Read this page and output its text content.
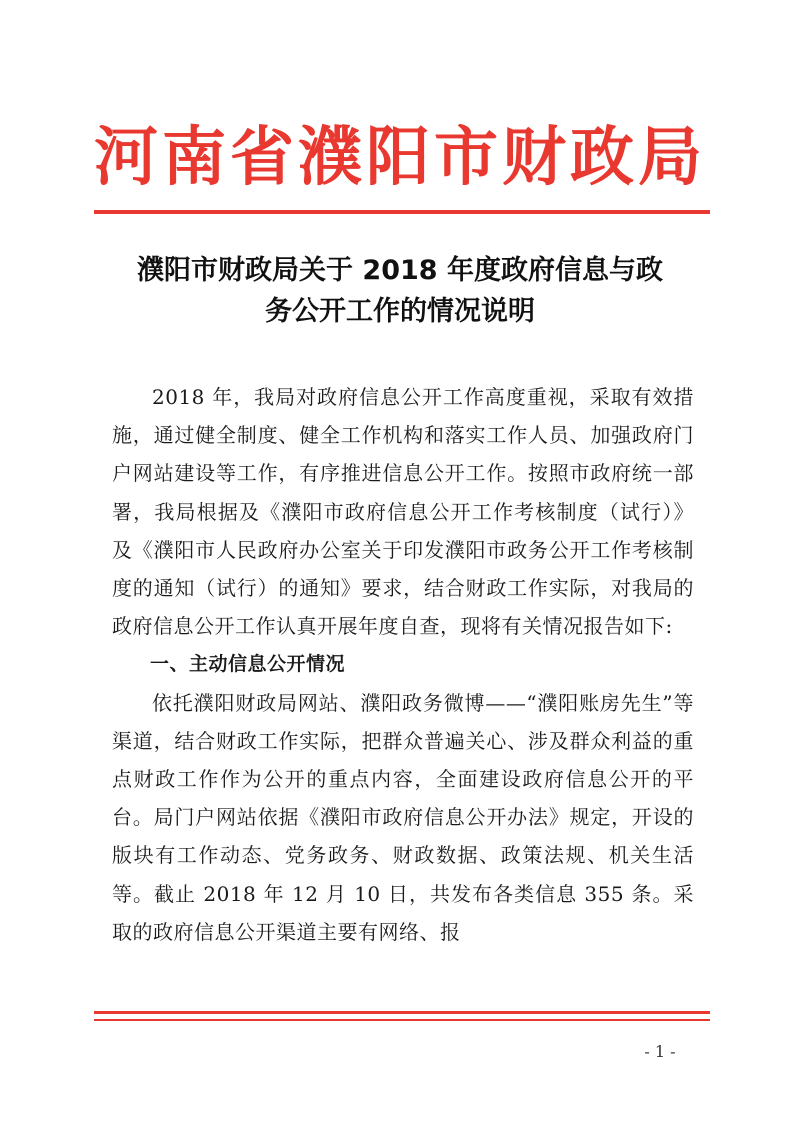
河南省濮阳市财政局
濮阳市财政局关于 2018 年度政府信息与政
务公开工作的情况说明

2018 年，我局对政府信息公开工作高度重视，采取有效措施，通过健全制度、健全工作机构和落实工作人员、加强政府门户网站建设等工作，有序推进信息公开工作。按照市政府统一部署，我局根据及《濮阳市政府信息公开工作考核制度（试行）》及《濮阳市人民政府办公室关于印发濮阳市政务公开工作考核制度的通知（试行）的通知》要求，结合财政工作实际，对我局的政府信息公开工作认真开展年度自查，现将有关情况报告如下:

一、主动信息公开情况

依托濮阳财政局网站、濮阳政务微博——“濮阳账房先生”等渠道，结合财政工作实际，把群众普遍关心、涉及群众利益的重点财政工作作为公开的重点内容，全面建设政府信息公开的平台。局门户网站依据《濮阳市政府信息公开办法》规定，开设的版块有工作动态、党务政务、财政数据、政策法规、机关生活等。截止 2018 年 12 月 10 日，共发布各类信息 355 条。采取的政府信息公开渠道主要有网络、报

- 1 -
